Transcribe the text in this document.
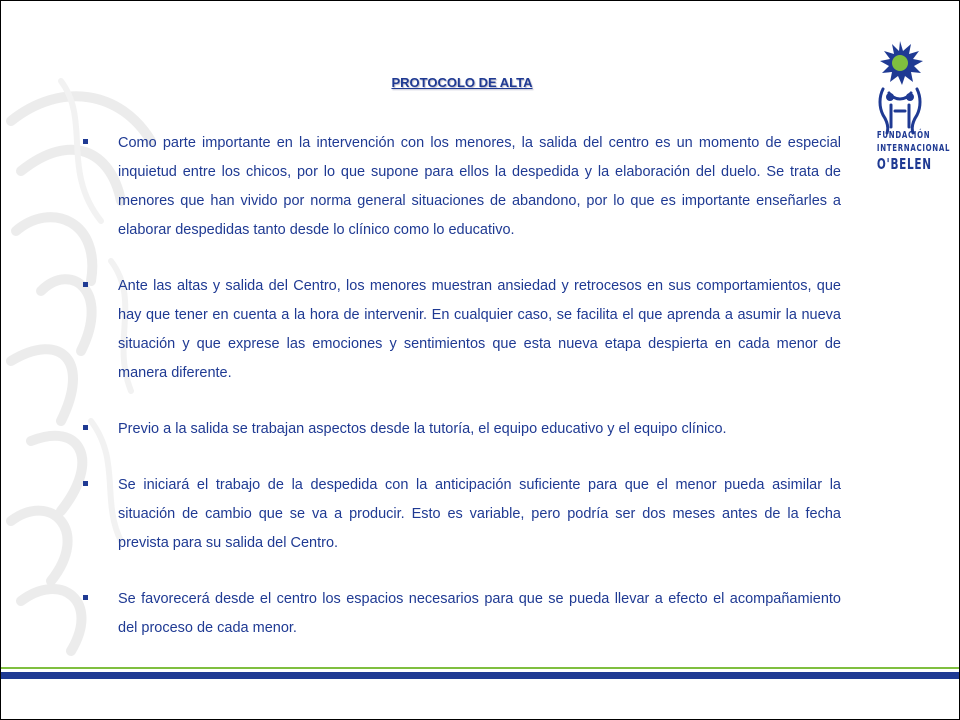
PROTOCOLO DE ALTA

Como parte importante en la intervención con los menores, la salida del centro es un momento de especial inquietud entre los chicos, por lo que supone para ellos la despedida y la elaboración del duelo. Se trata de menores que han vivido por norma general situaciones de abandono, por lo que es importante enseñarles a elaborar despedidas tanto desde lo clínico como lo educativo.

Ante las altas y salida del Centro, los menores muestran ansiedad y retrocesos en sus comportamientos, que hay que tener en cuenta a la hora de intervenir. En cualquier caso, se facilita el que aprenda a asumir la nueva situación y que exprese las emociones y sentimientos que esta nueva etapa despierta en cada menor de manera diferente.

Previo a la salida se trabajan aspectos desde la tutoría, el equipo educativo y el equipo clínico.

Se iniciará el trabajo de la despedida con la anticipación suficiente para que el menor pueda asimilar la situación de cambio que se va a producir. Esto es variable, pero podría ser dos meses antes de la fecha prevista para su salida del Centro.

Se favorecerá desde el centro los espacios necesarios para que se pueda llevar a efecto el acompañamiento del proceso de cada menor.

FUNDACIÓN
INTERNACIONAL
O'BELEN
